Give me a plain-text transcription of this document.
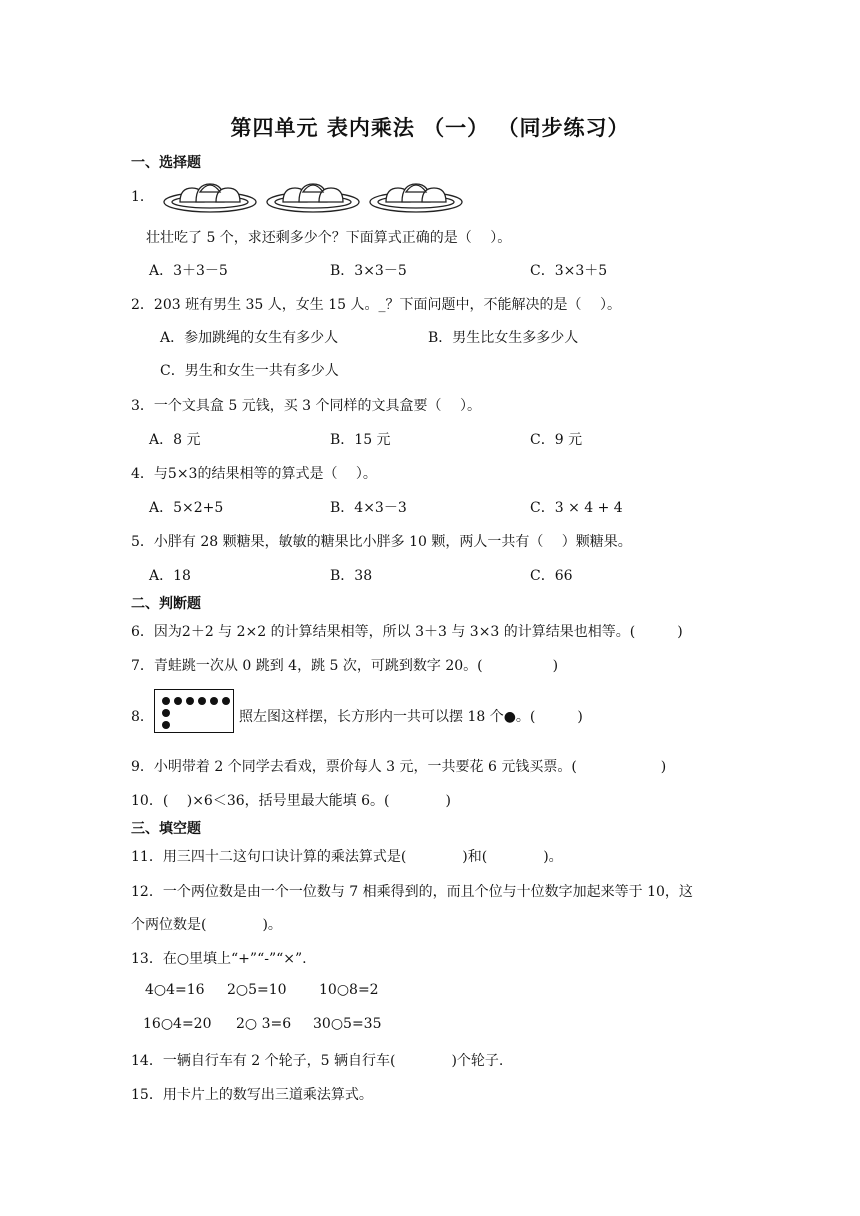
第四单元 表内乘法 （一） （同步练习）
一、选择题
1．
壮壮吃了 5 个，求还剩多少个？下面算式正确的是（　 ）。
A．3＋3－5	B．3×3－5	C．3×3＋5
2．203 班有男生 35 人，女生 15 人。_？下面问题中，不能解决的是（　 ）。
A．参加跳绳的女生有多少人	B．男生比女生多多少人
C．男生和女生一共有多少人
3．一个文具盒 5 元钱，买 3 个同样的文具盒要（　 ）。
A．8 元	B．15 元	C．9 元
4．与5×3的结果相等的算式是（　 ）。
A．5×2+5	B．4×3－3	C．3 × 4 + 4
5．小胖有 28 颗糖果，敏敏的糖果比小胖多 10 颗，两人一共有（　 ）颗糖果。
A．18	B．38	C．66
二、判断题
6．因为2＋2 与 2×2 的计算结果相等，所以 3＋3 与 3×3 的计算结果也相等。(　　　)
7．青蛙跳一次从 0 跳到 4，跳 5 次，可跳到数字 20。(　　　　　)
8．	照左图这样摆，长方形内一共可以摆 18 个●。(　　　)
9．小明带着 2 个同学去看戏，票价每人 3 元，一共要花 6 元钱买票。(　　　　　　)
10．(　 )×6＜36，括号里最大能填 6。(　　　　)
三、填空题
11．用三四十二这句口诀计算的乘法算式是(　　　　)和(　　　　)。
12．一个两位数是由一个一位数与 7 相乘得到的，而且个位与十位数字加起来等于 10，这
个两位数是(　　　　)。
13．在○里填上“+”“-”“×”.
4○4=16 2○5=10 10○8=2
16○4=20 2○ 3=6 30○5=35
14．一辆自行车有 2 个轮子，5 辆自行车(　　　　)个轮子.
15．用卡片上的数写出三道乘法算式。
